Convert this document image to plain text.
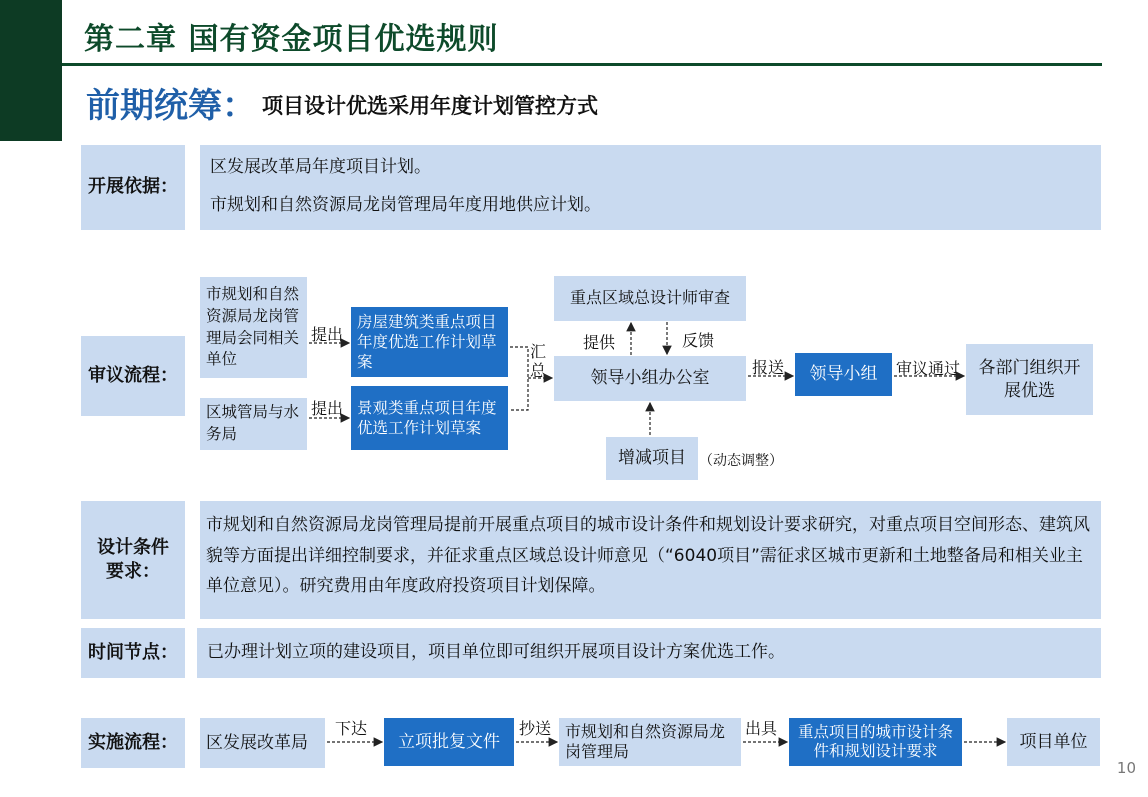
第二章 国有资金项目优选规则
前期统筹： 项目设计优选采用年度计划管控方式
开展依据：
区发展改革局年度项目计划。
市规划和自然资源局龙岗管理局年度用地供应计划。
审议流程：
市规划和自然资源局龙岗管理局会同相关单位
区城管局与水务局
提出
提出
房屋建筑类重点项目年度优选工作计划草案
景观类重点项目年度优选工作计划草案
汇总
重点区域总设计师审查
提供	反馈
领导小组办公室
报送	领导小组	审议通过	各部门组织开展优选
增减项目 （动态调整）
设计条件要求：
市规划和自然资源局龙岗管理局提前开展重点项目的城市设计条件和规划设计要求研究，对重点项目空间形态、建筑风貌等方面提出详细控制要求，并征求重点区域总设计师意见（“6040项目”需征求区城市更新和土地整备局和相关业主单位意见）。研究费用由年度政府投资项目计划保障。
时间节点：	已办理计划立项的建设项目，项目单位即可组织开展项目设计方案优选工作。
实施流程：	区发展改革局
下达
立项批复文件
抄送 市规划和自然资源局龙岗管理局
出具	重点项目的城市设计条件和规划设计要求	项目单位
10
